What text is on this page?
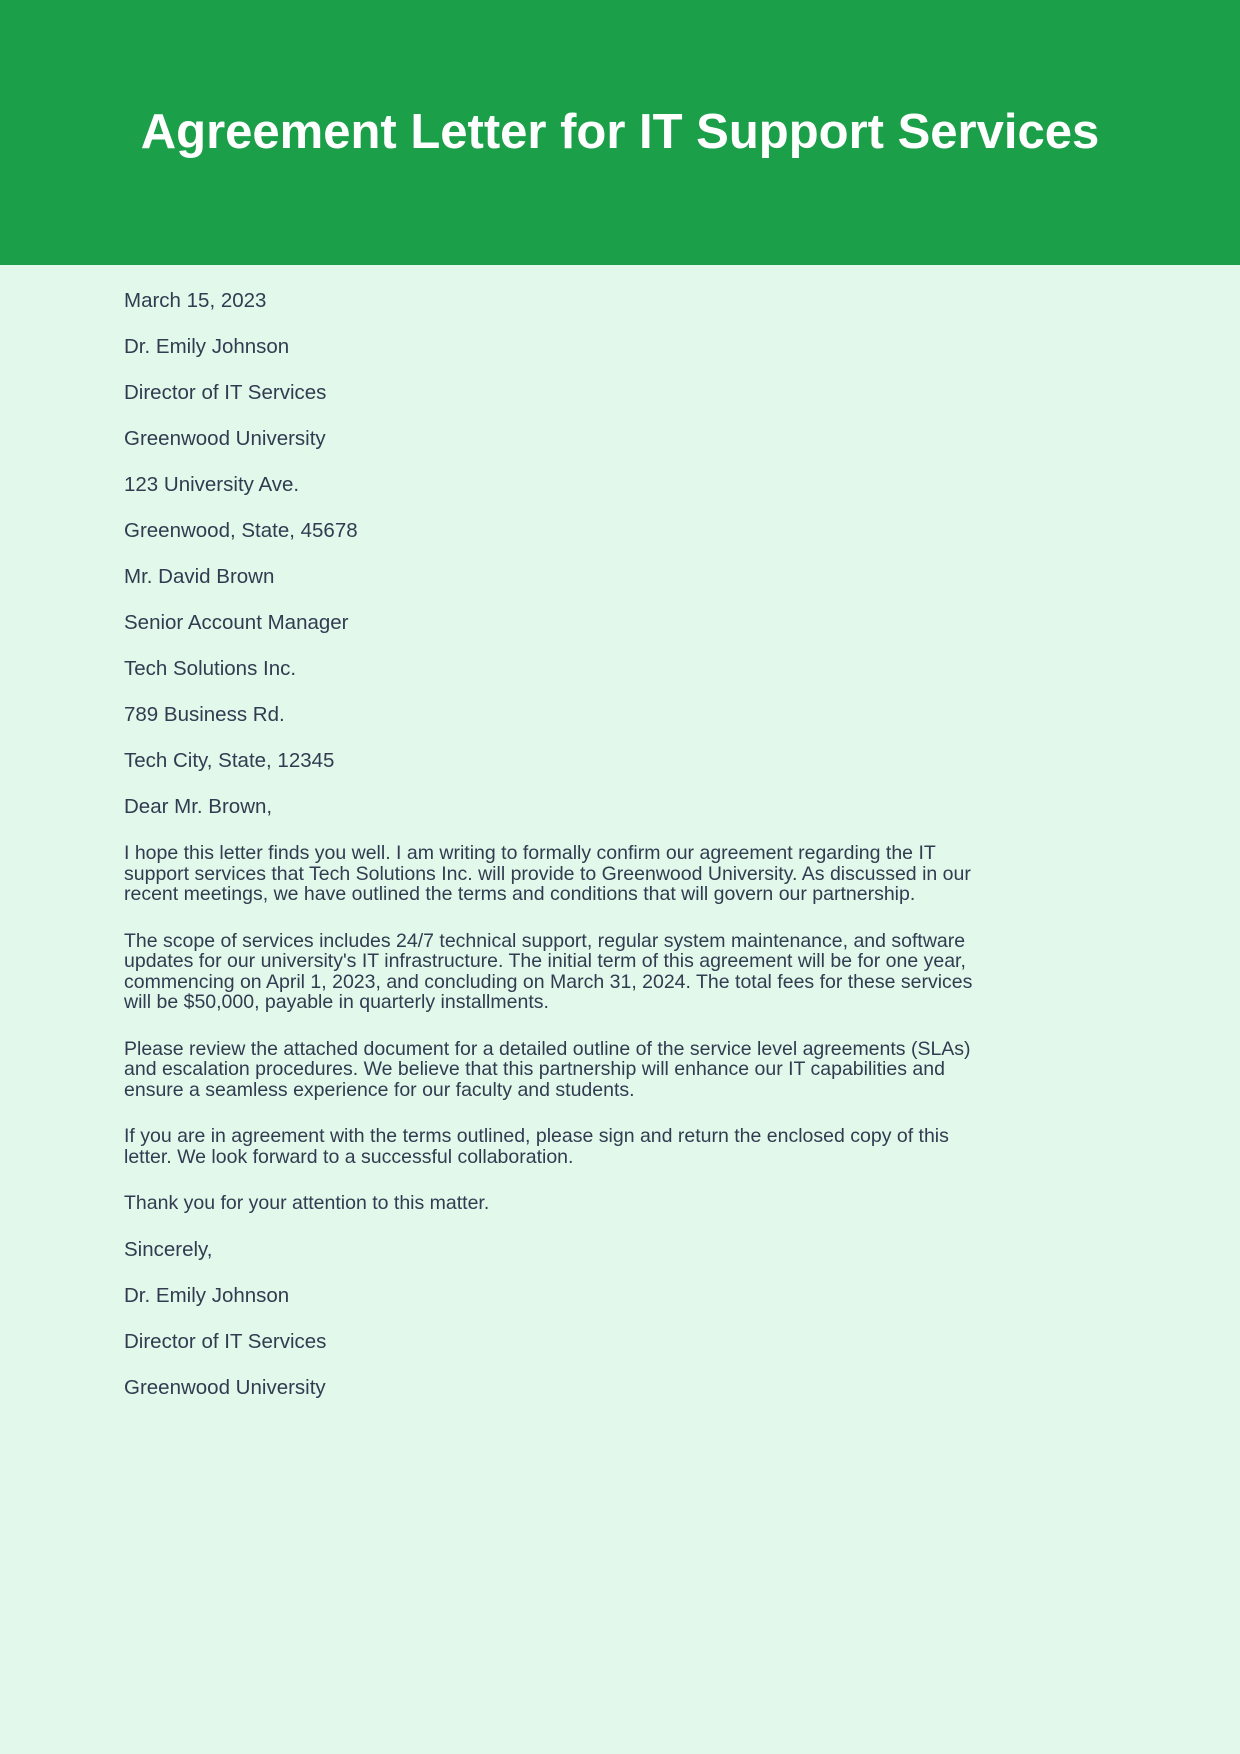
Agreement Letter for IT Support Services

March 15, 2023

Dr. Emily Johnson

Director of IT Services

Greenwood University

123 University Ave.

Greenwood, State, 45678

Mr. David Brown

Senior Account Manager

Tech Solutions Inc.

789 Business Rd.

Tech City, State, 12345

Dear Mr. Brown,

I hope this letter finds you well. I am writing to formally confirm our agreement regarding the IT support services that Tech Solutions Inc. will provide to Greenwood University. As discussed in our recent meetings, we have outlined the terms and conditions that will govern our partnership.

The scope of services includes 24/7 technical support, regular system maintenance, and software updates for our university's IT infrastructure. The initial term of this agreement will be for one year, commencing on April 1, 2023, and concluding on March 31, 2024. The total fees for these services will be $50,000, payable in quarterly installments.

Please review the attached document for a detailed outline of the service level agreements (SLAs) and escalation procedures. We believe that this partnership will enhance our IT capabilities and ensure a seamless experience for our faculty and students.

If you are in agreement with the terms outlined, please sign and return the enclosed copy of this letter. We look forward to a successful collaboration.

Thank you for your attention to this matter.

Sincerely,

Dr. Emily Johnson

Director of IT Services

Greenwood University
